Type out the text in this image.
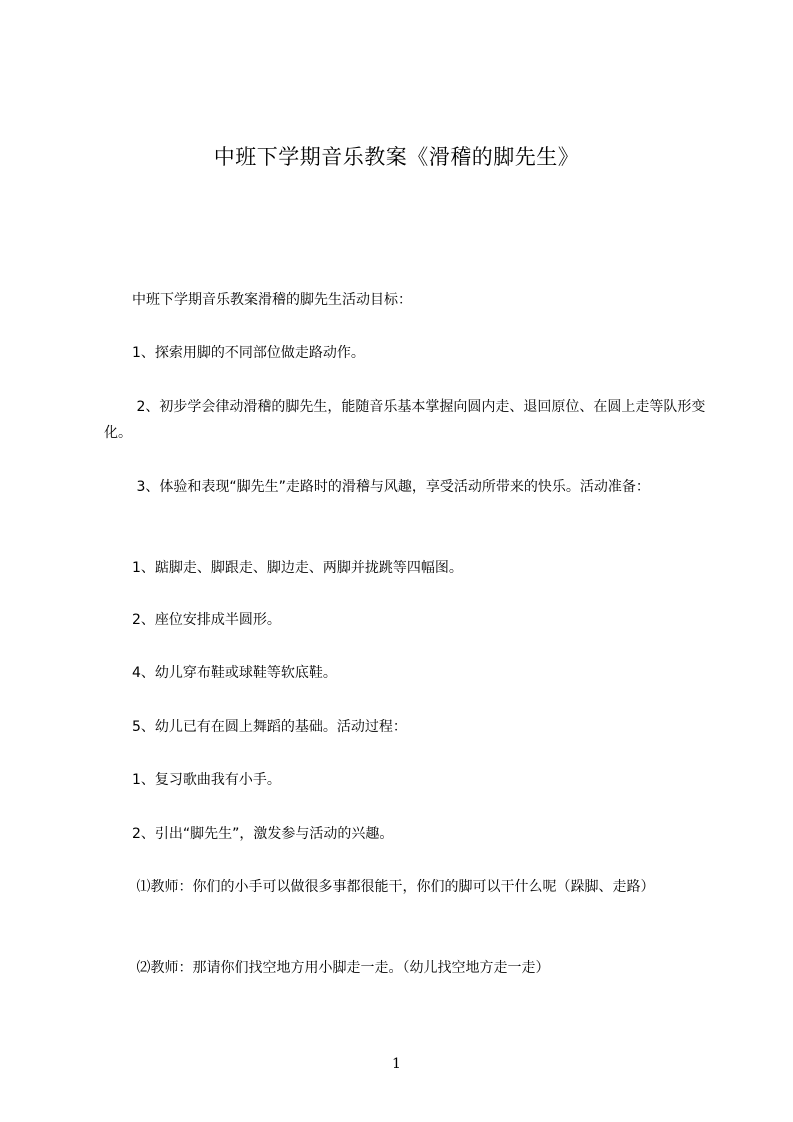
中班下学期音乐教案《滑稽的脚先生》

　　中班下学期音乐教案滑稽的脚先生活动目标：

　　1、探索用脚的不同部位做走路动作。

　　 2、初步学会律动滑稽的脚先生，能随音乐基本掌握向圆内走、退回原位、在圆上走等队形变化。

　　 3、体验和表现“脚先生”走路时的滑稽与风趣，享受活动所带来的快乐。活动准备：

　　1、踮脚走、脚跟走、脚边走、两脚并拢跳等四幅图。

　　2、座位安排成半圆形。

　　4、幼儿穿布鞋或球鞋等软底鞋。

　　5、幼儿已有在圆上舞蹈的基础。活动过程：

　　1、复习歌曲我有小手。

　　2、引出“脚先生”，激发参与活动的兴趣。

　　 ⑴教师：你们的小手可以做很多事都很能干，你们的脚可以干什么呢（跺脚、走路）

　　 ⑵教师：那请你们找空地方用小脚走一走。（幼儿找空地方走一走）

1
